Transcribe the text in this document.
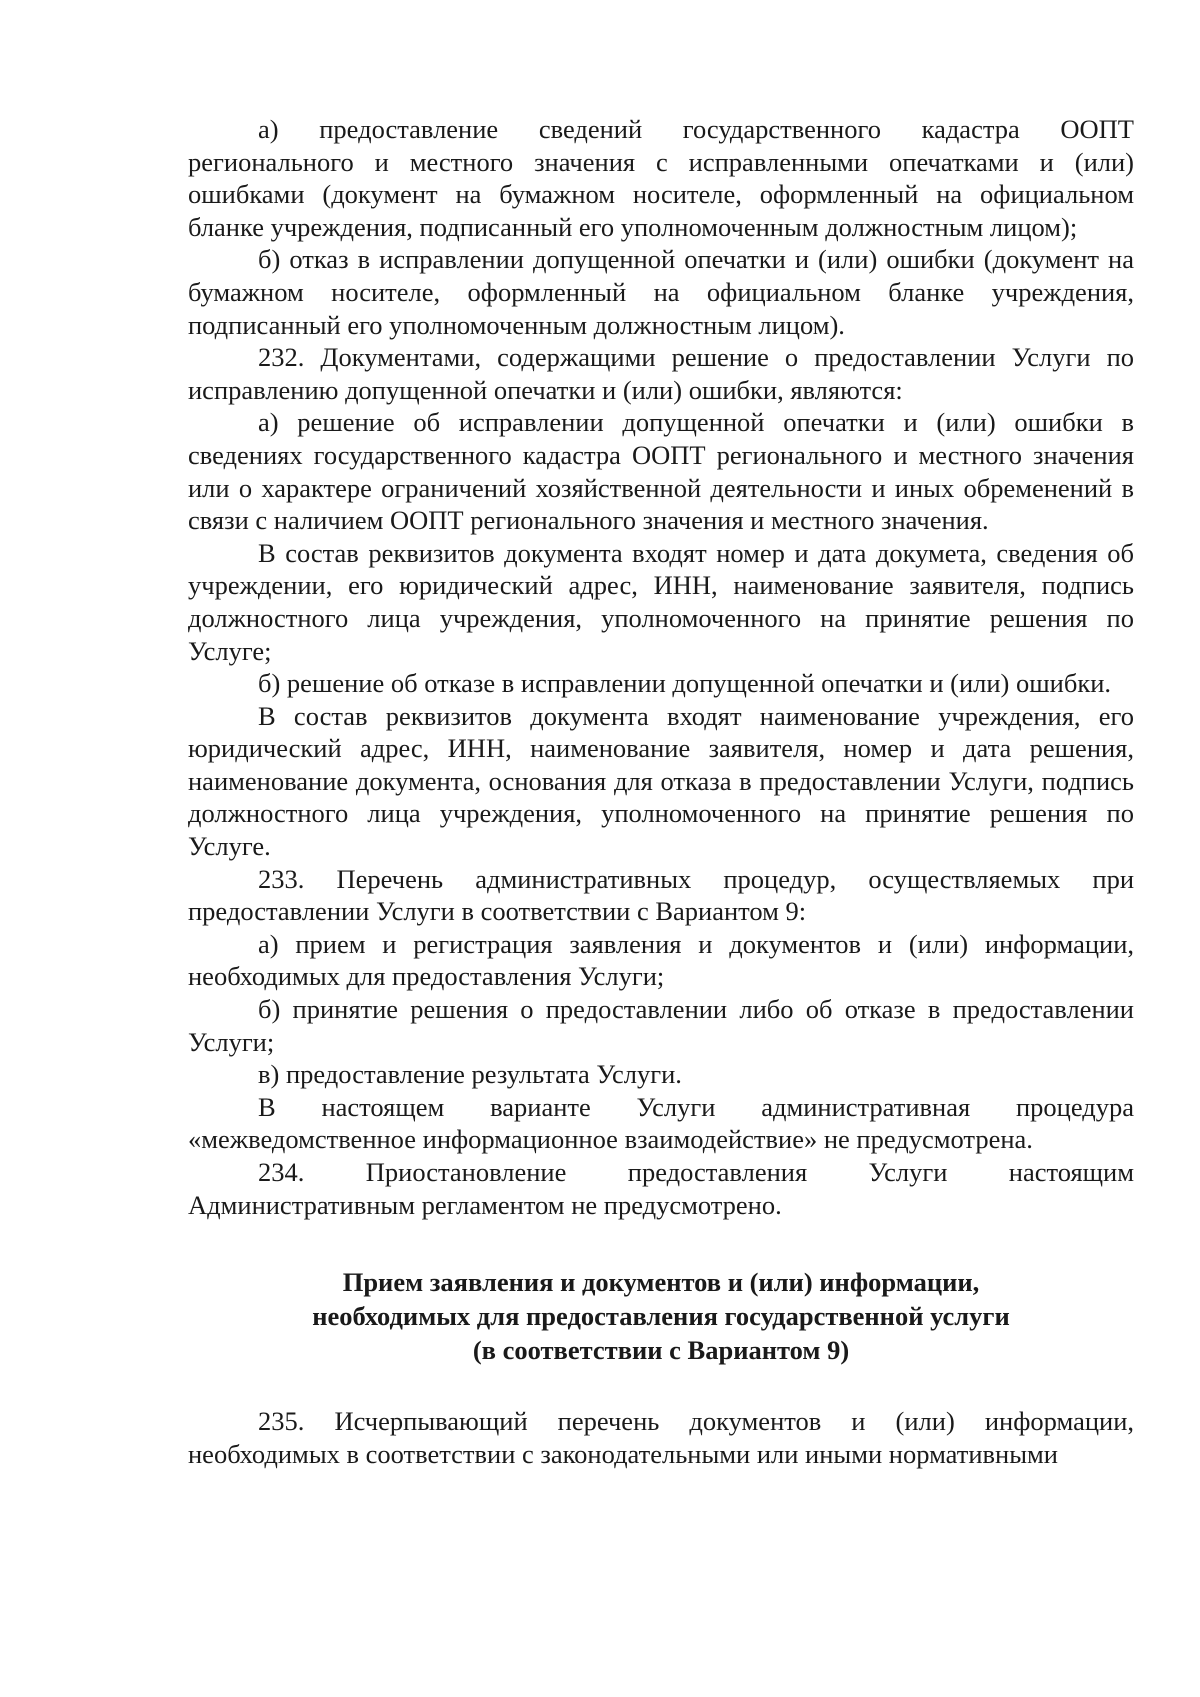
а) предоставление сведений государственного кадастра ООПТ регионального и местного значения с исправленными опечатками и (или) ошибками (документ на бумажном носителе, оформленный на официальном бланке учреждения, подписанный его уполномоченным должностным лицом);

б) отказ в исправлении допущенной опечатки и (или) ошибки (документ на бумажном носителе, оформленный на официальном бланке учреждения, подписанный его уполномоченным должностным лицом).

232. Документами, содержащими решение о предоставлении Услуги по исправлению допущенной опечатки и (или) ошибки, являются:

а) решение об исправлении допущенной опечатки и (или) ошибки в сведениях государственного кадастра ООПТ регионального и местного значения или о характере ограничений хозяйственной деятельности и иных обременений в связи с наличием ООПТ регионального значения и местного значения.

В состав реквизитов документа входят номер и дата докумета, сведения об учреждении, его юридический адрес, ИНН, наименование заявителя, подпись должностного лица учреждения, уполномоченного на принятие решения по Услуге;

б) решение об отказе в исправлении допущенной опечатки и (или) ошибки.

В состав реквизитов документа входят наименование учреждения, его юридический адрес, ИНН, наименование заявителя, номер и дата решения, наименование документа, основания для отказа в предоставлении Услуги, подпись должностного лица учреждения, уполномоченного на принятие решения по Услуге.

233. Перечень административных процедур, осуществляемых при предоставлении Услуги в соответствии с Вариантом 9:

а) прием и регистрация заявления и документов и (или) информации, необходимых для предоставления Услуги;

б) принятие решения о предоставлении либо об отказе в предоставлении Услуги;

в) предоставление результата Услуги.

В настоящем варианте Услуги административная процедура «межведомственное информационное взаимодействие» не предусмотрена.

234. Приостановление предоставления Услуги настоящим Административным регламентом не предусмотрено.

Прием заявления и документов и (или) информации,
необходимых для предоставления государственной услуги
(в соответствии с Вариантом 9)

235. Исчерпывающий перечень документов и (или) информации, необходимых в соответствии с законодательными или иными нормативными
